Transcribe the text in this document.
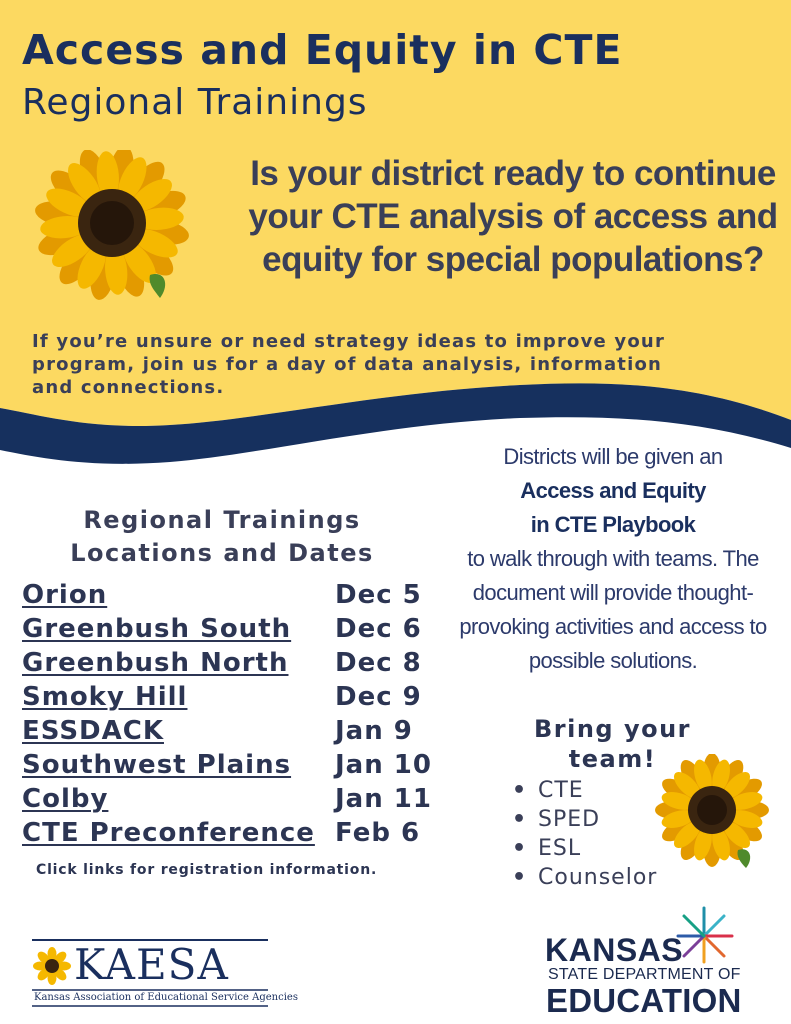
Access and Equity in CTE
Regional Trainings
Is your district ready to continue your CTE analysis of access and equity for special populations?
If you’re unsure or need strategy ideas to improve your program, join us for a day of data analysis, information and connections.
Regional Trainings
Locations and Dates
Orion	Dec 5
Greenbush South Dec 6
Greenbush North Dec 8
Smoky Hill	Dec 9
ESSDACK	Jan 9
Southwest Plains Jan 10
Colby	Jan 11
CTE Preconference Feb 6
Click links for registration information.
Districts will be given an
Access and Equity
in CTE Playbook
to walk through with teams. The document will provide thought-provoking activities and access to possible solutions.
Bring your team!
• CTE
• SPED
• ESL
• Counselor
KAESA
Kansas Association of Educational Service Agencies
KANSAS
STATE DEPARTMENT OF
EDUCATION
